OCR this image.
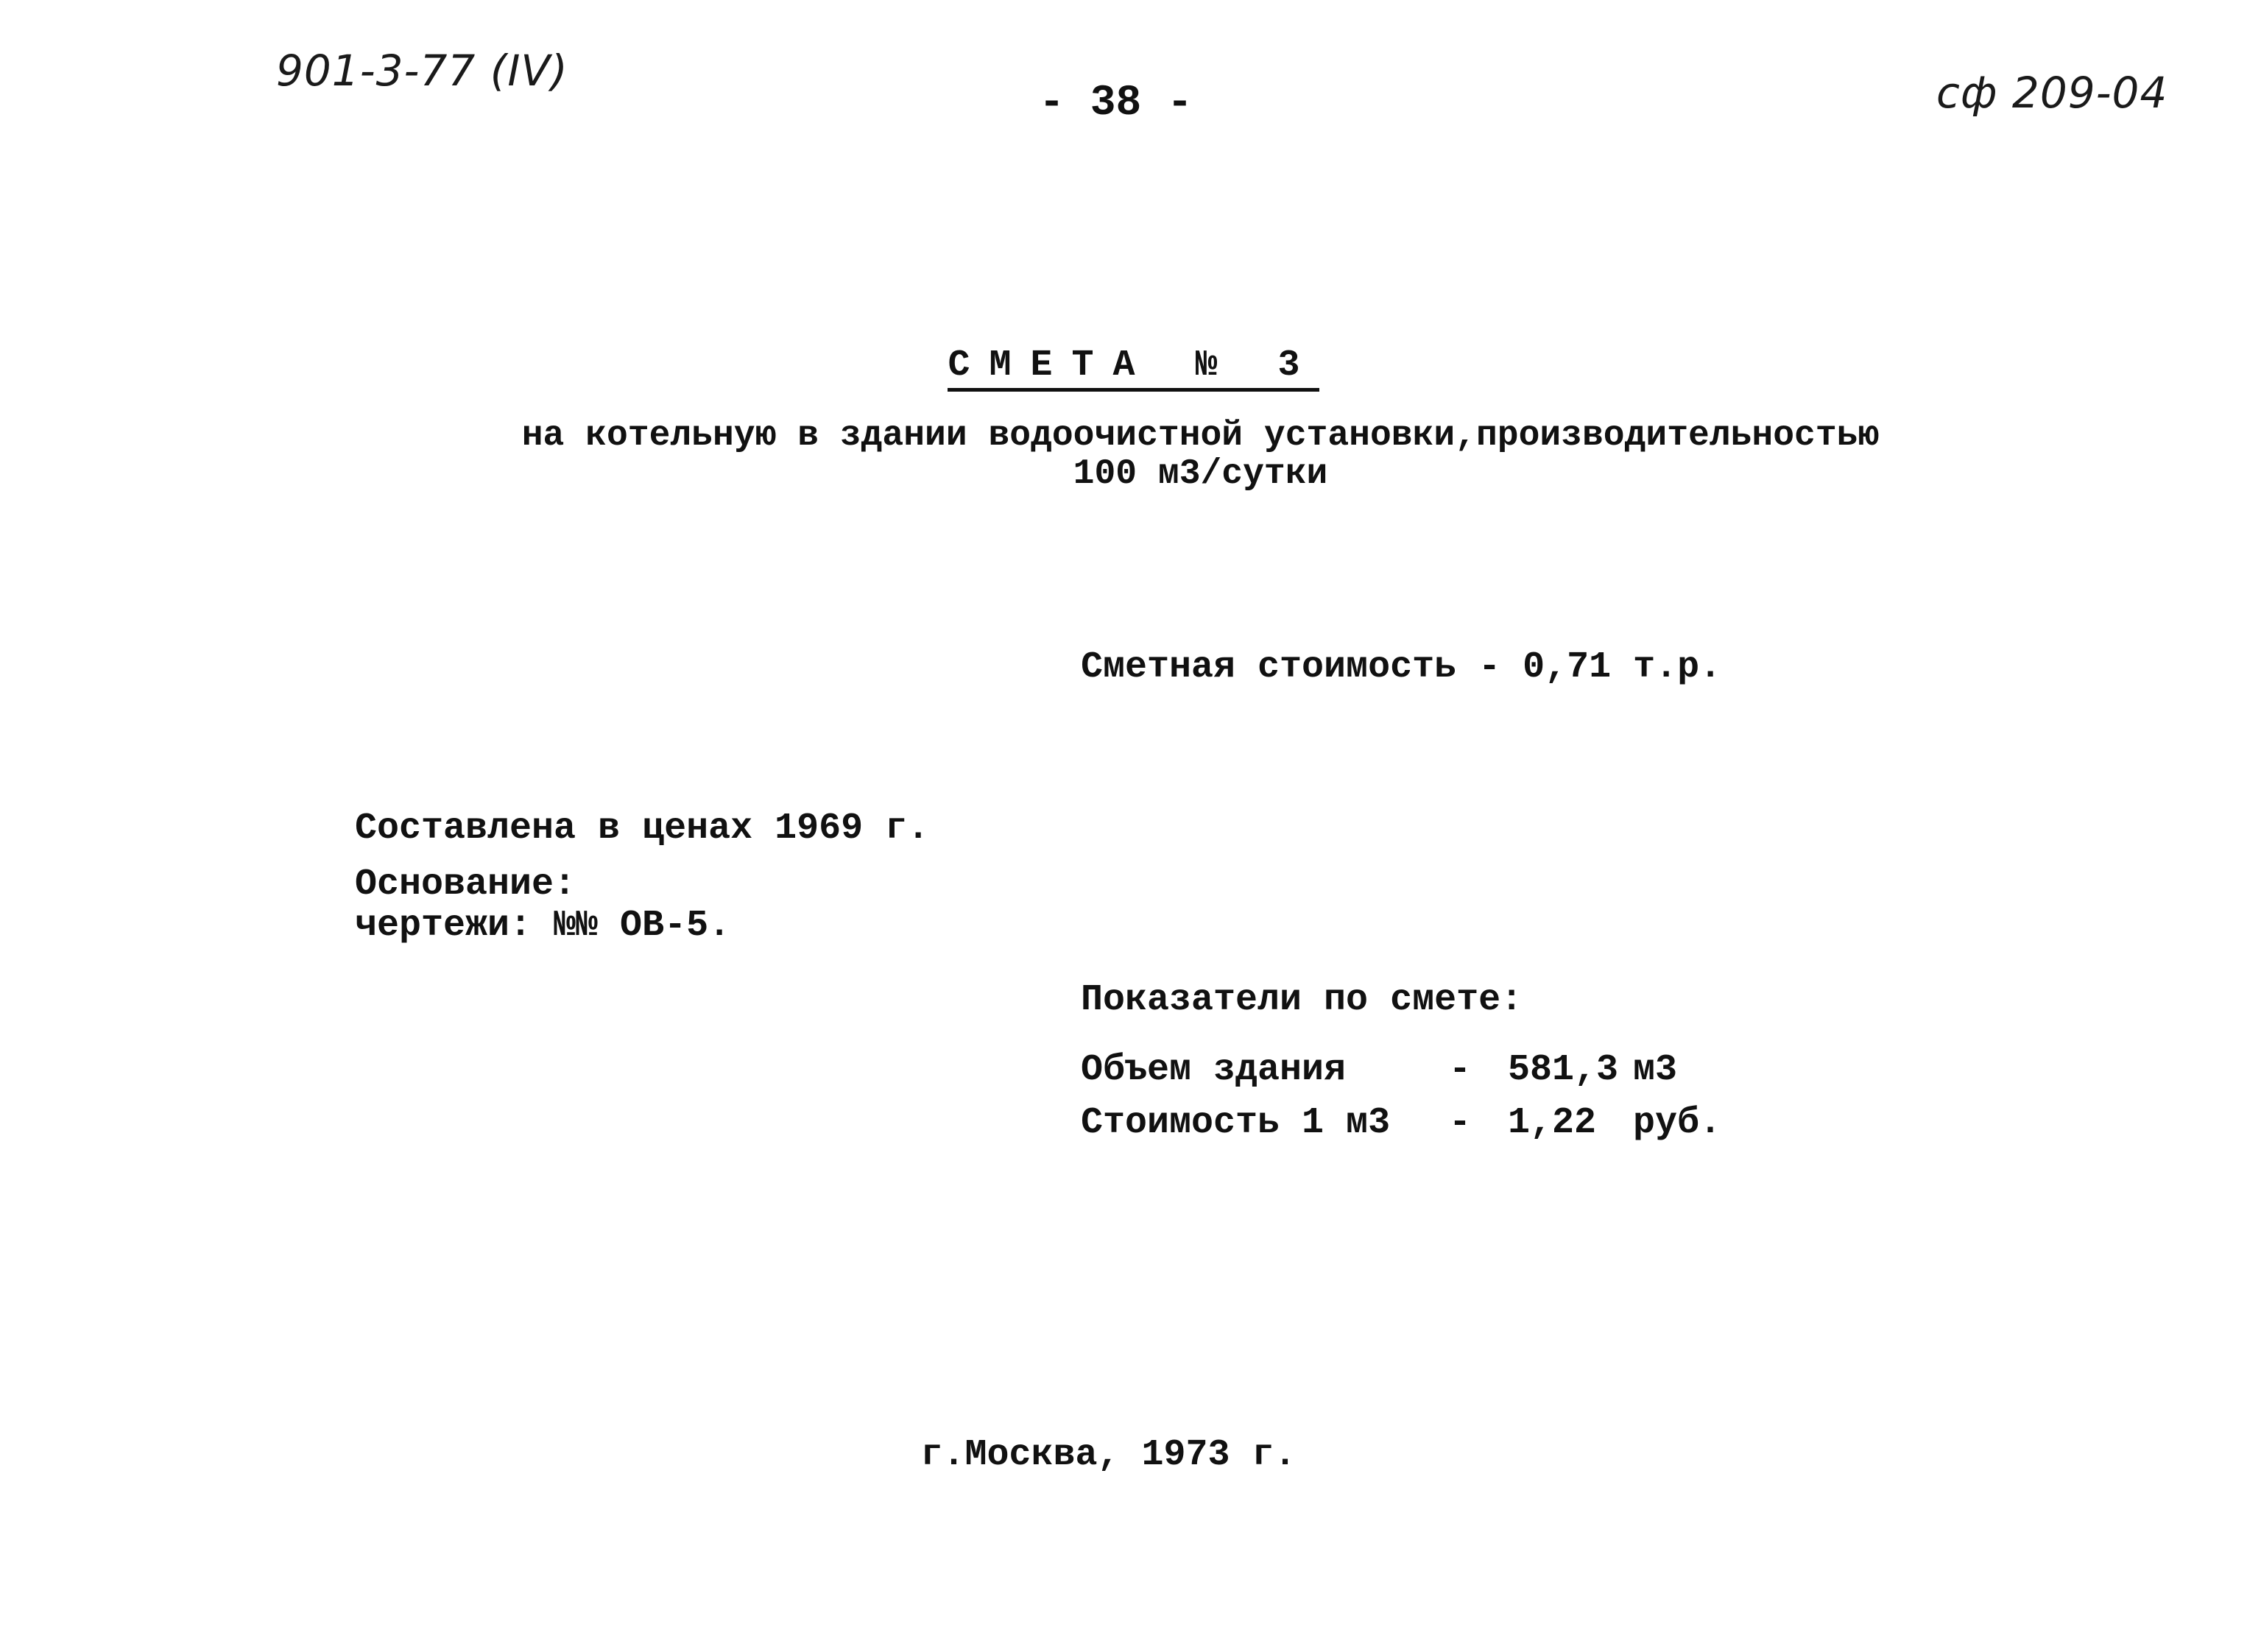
901-3-77 (IV)
- 38 -	сф 209-04
СМЕТА № 3
на котельную в здании водоочистной установки,производительностью
100 м3/сутки
Сметная стоимость - 0,71 т.р.
Составлена в ценах 1969 г.
Основание:
чертежи: №№ ОВ-5.
Показатели по смете:
Объем здания	- 581,3 м3
Стоимость 1 м3	- 1,22 руб.
г.Москва, 1973 г.
